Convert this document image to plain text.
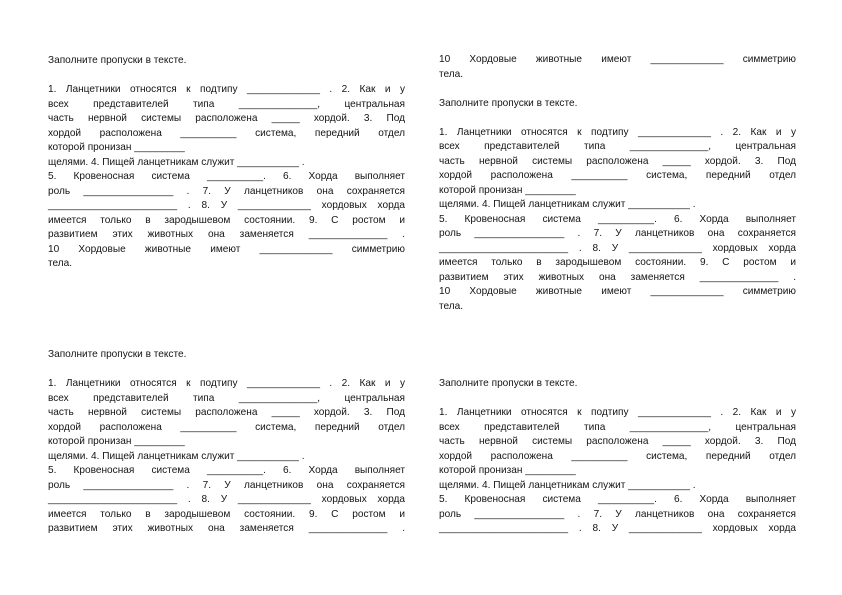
Заполните пропуски в тексте.
1. Ланцетники относятся к подтипу _____________ . 2. Как и у
всех представителей типа ______________, центральная
часть нервной системы расположена _____ хордой. 3. Под
хордой расположена __________ система, передний отдел
которой пронизан _________
щелями. 4. Пищей ланцетникам служит ___________ .
5. Кровеносная система __________. 6. Хорда выполняет
роль ________________ . 7. У ланцетников она сохраняется
_______________________ . 8. У _____________ хордовых хорда
имеется только в зародышевом состоянии. 9. С ростом и
развитием этих животных она заменяется ______________ .
10 Хордовые животные имеют _____________ симметрию
тела.
10 Хордовые животные имеют _____________ симметрию
тела.
Заполните пропуски в тексте.
1. Ланцетники относятся к подтипу _____________ . 2. Как и у
всех представителей типа ______________, центральная
часть нервной системы расположена _____ хордой. 3. Под
хордой расположена __________ система, передний отдел
которой пронизан _________
щелями. 4. Пищей ланцетникам служит ___________ .
5. Кровеносная система __________. 6. Хорда выполняет
роль ________________ . 7. У ланцетников она сохраняется
_______________________ . 8. У _____________ хордовых хорда
имеется только в зародышевом состоянии. 9. С ростом и
развитием этих животных она заменяется ______________ .
10 Хордовые животные имеют _____________ симметрию
тела.
Заполните пропуски в тексте.
1. Ланцетники относятся к подтипу _____________ . 2. Как и у
всех представителей типа ______________, центральная
часть нервной системы расположена _____ хордой. 3. Под
хордой расположена __________ система, передний отдел
которой пронизан _________
щелями. 4. Пищей ланцетникам служит ___________ .
5. Кровеносная система __________. 6. Хорда выполняет
роль ________________ . 7. У ланцетников она сохраняется
_______________________ . 8. У _____________ хордовых хорда
имеется только в зародышевом состоянии. 9. С ростом и
развитием этих животных она заменяется ______________ .
Заполните пропуски в тексте.
1. Ланцетники относятся к подтипу _____________ . 2. Как и у
всех представителей типа ______________, центральная
часть нервной системы расположена _____ хордой. 3. Под
хордой расположена __________ система, передний отдел
которой пронизан _________
щелями. 4. Пищей ланцетникам служит ___________ .
5. Кровеносная система __________. 6. Хорда выполняет
роль ________________ . 7. У ланцетников она сохраняется
_______________________ . 8. У _____________ хордовых хорда
